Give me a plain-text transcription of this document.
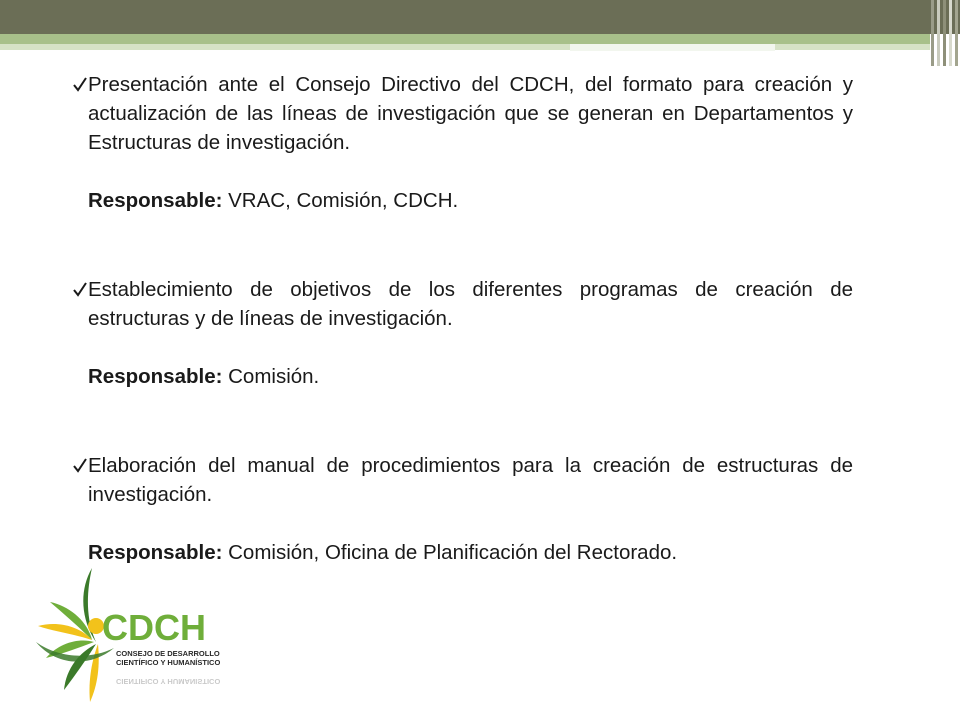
Presentación ante el Consejo Directivo del CDCH, del formato para creación y actualización de las líneas de investigación que se generan en Departamentos y Estructuras de investigación.

Responsable: VRAC, Comisión, CDCH.

Establecimiento de objetivos de los diferentes programas de creación de estructuras y de líneas de investigación.

Responsable: Comisión.

Elaboración del manual de procedimientos para la creación de estructuras de investigación.

Responsable: Comisión, Oficina de Planificación del Rectorado.

CDCH
CONSEJO DE DESARROLLO
CIENTÍFICO Y HUMANÍSTICO
CIENTIFICO Y HUMANISTICO
